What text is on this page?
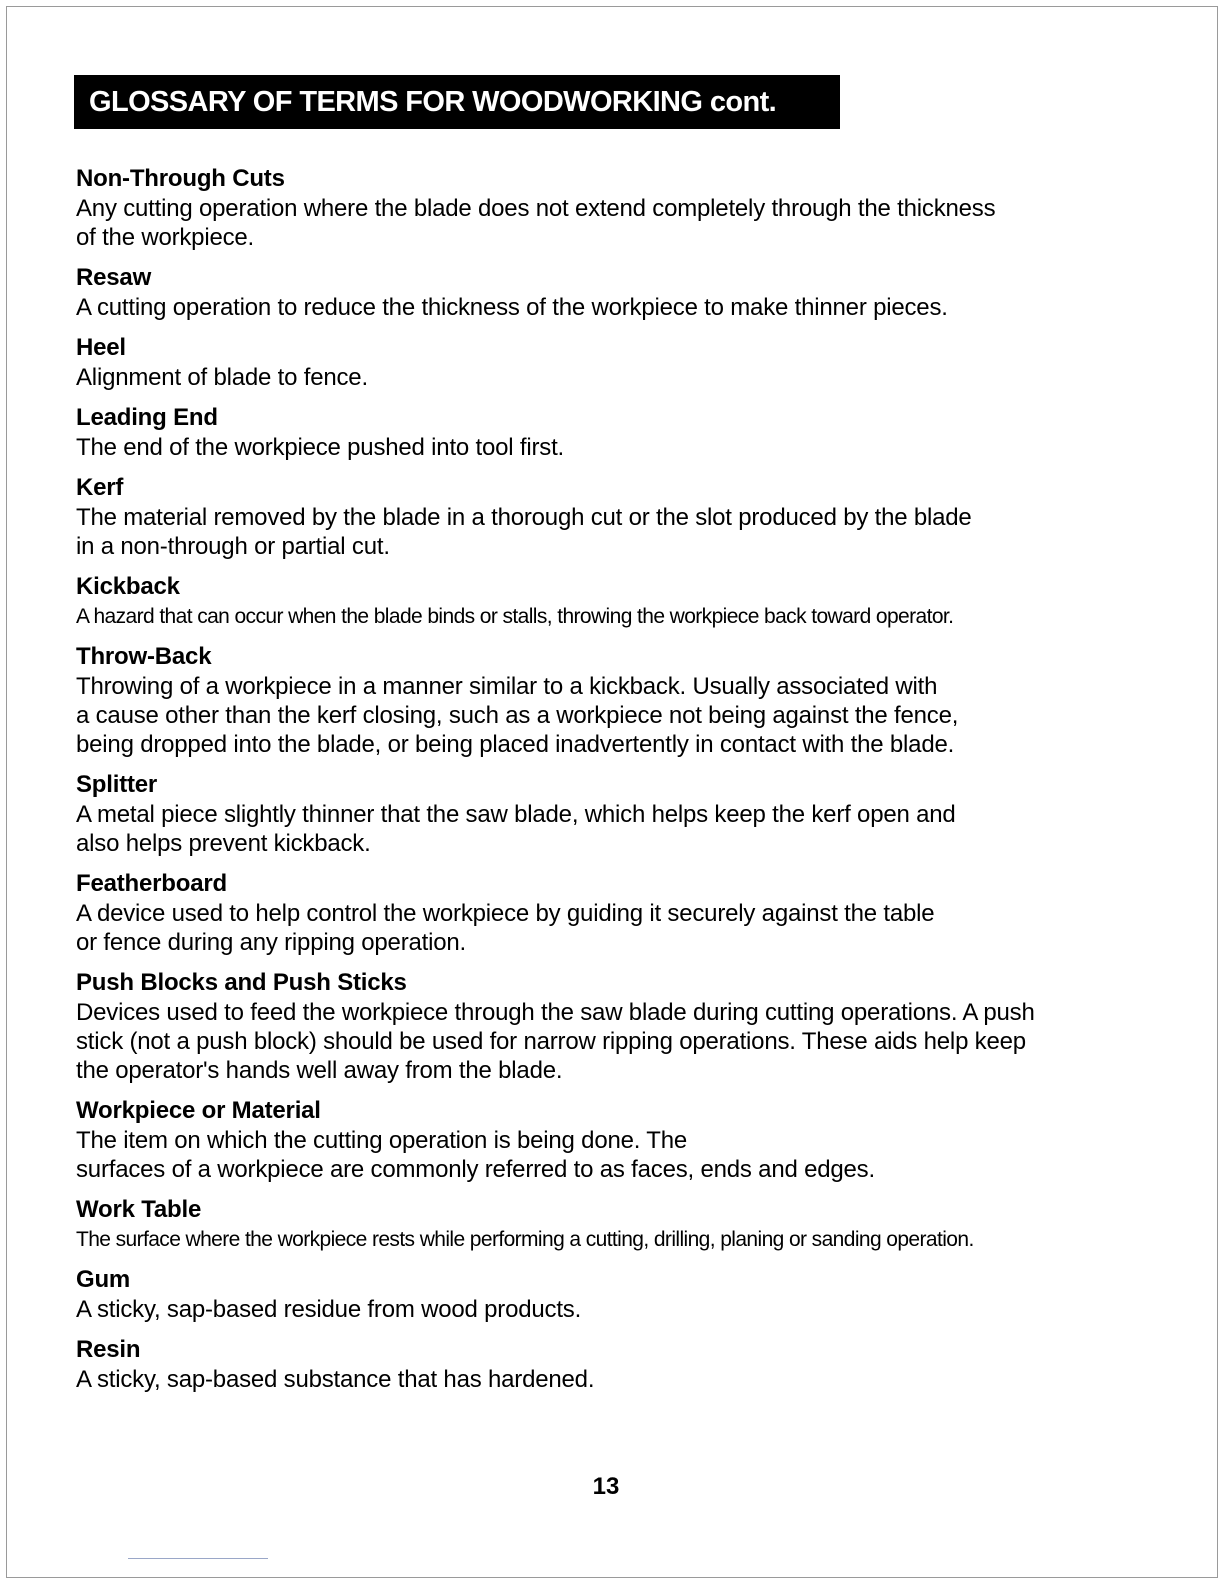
GLOSSARY OF TERMS FOR WOODWORKING cont.
Non-Through Cuts
Any cutting operation where the blade does not extend completely through the thickness
of the workpiece.
Resaw
A cutting operation to reduce the thickness of the workpiece to make thinner pieces.
Heel
Alignment of blade to fence.
Leading End
The end of the workpiece pushed into tool first.
Kerf
The material removed by the blade in a thorough cut or the slot produced by the blade
in a non-through or partial cut.
Kickback
A hazard that can occur when the blade binds or stalls, throwing the workpiece back toward operator.
Throw-Back
Throwing of a workpiece in a manner similar to a kickback. Usually associated with
a cause other than the kerf closing, such as a workpiece not being against the fence,
being dropped into the blade, or being placed inadvertently in contact with the blade.
Splitter
A metal piece slightly thinner that the saw blade, which helps keep the kerf open and
also helps prevent kickback.
Featherboard
A device used to help control the workpiece by guiding it securely against the table
or fence during any ripping operation.
Push Blocks and Push Sticks
Devices used to feed the workpiece through the saw blade during cutting operations. A push
stick (not a push block) should be used for narrow ripping operations. These aids help keep
the operator's hands well away from the blade.
Workpiece or Material
The item on which the cutting operation is being done. The
surfaces of a workpiece are commonly referred to as faces, ends and edges.
Work Table
The surface where the workpiece rests while performing a cutting, drilling, planing or sanding operation.
Gum
A sticky, sap-based residue from wood products.
Resin
A sticky, sap-based substance that has hardened.
13
